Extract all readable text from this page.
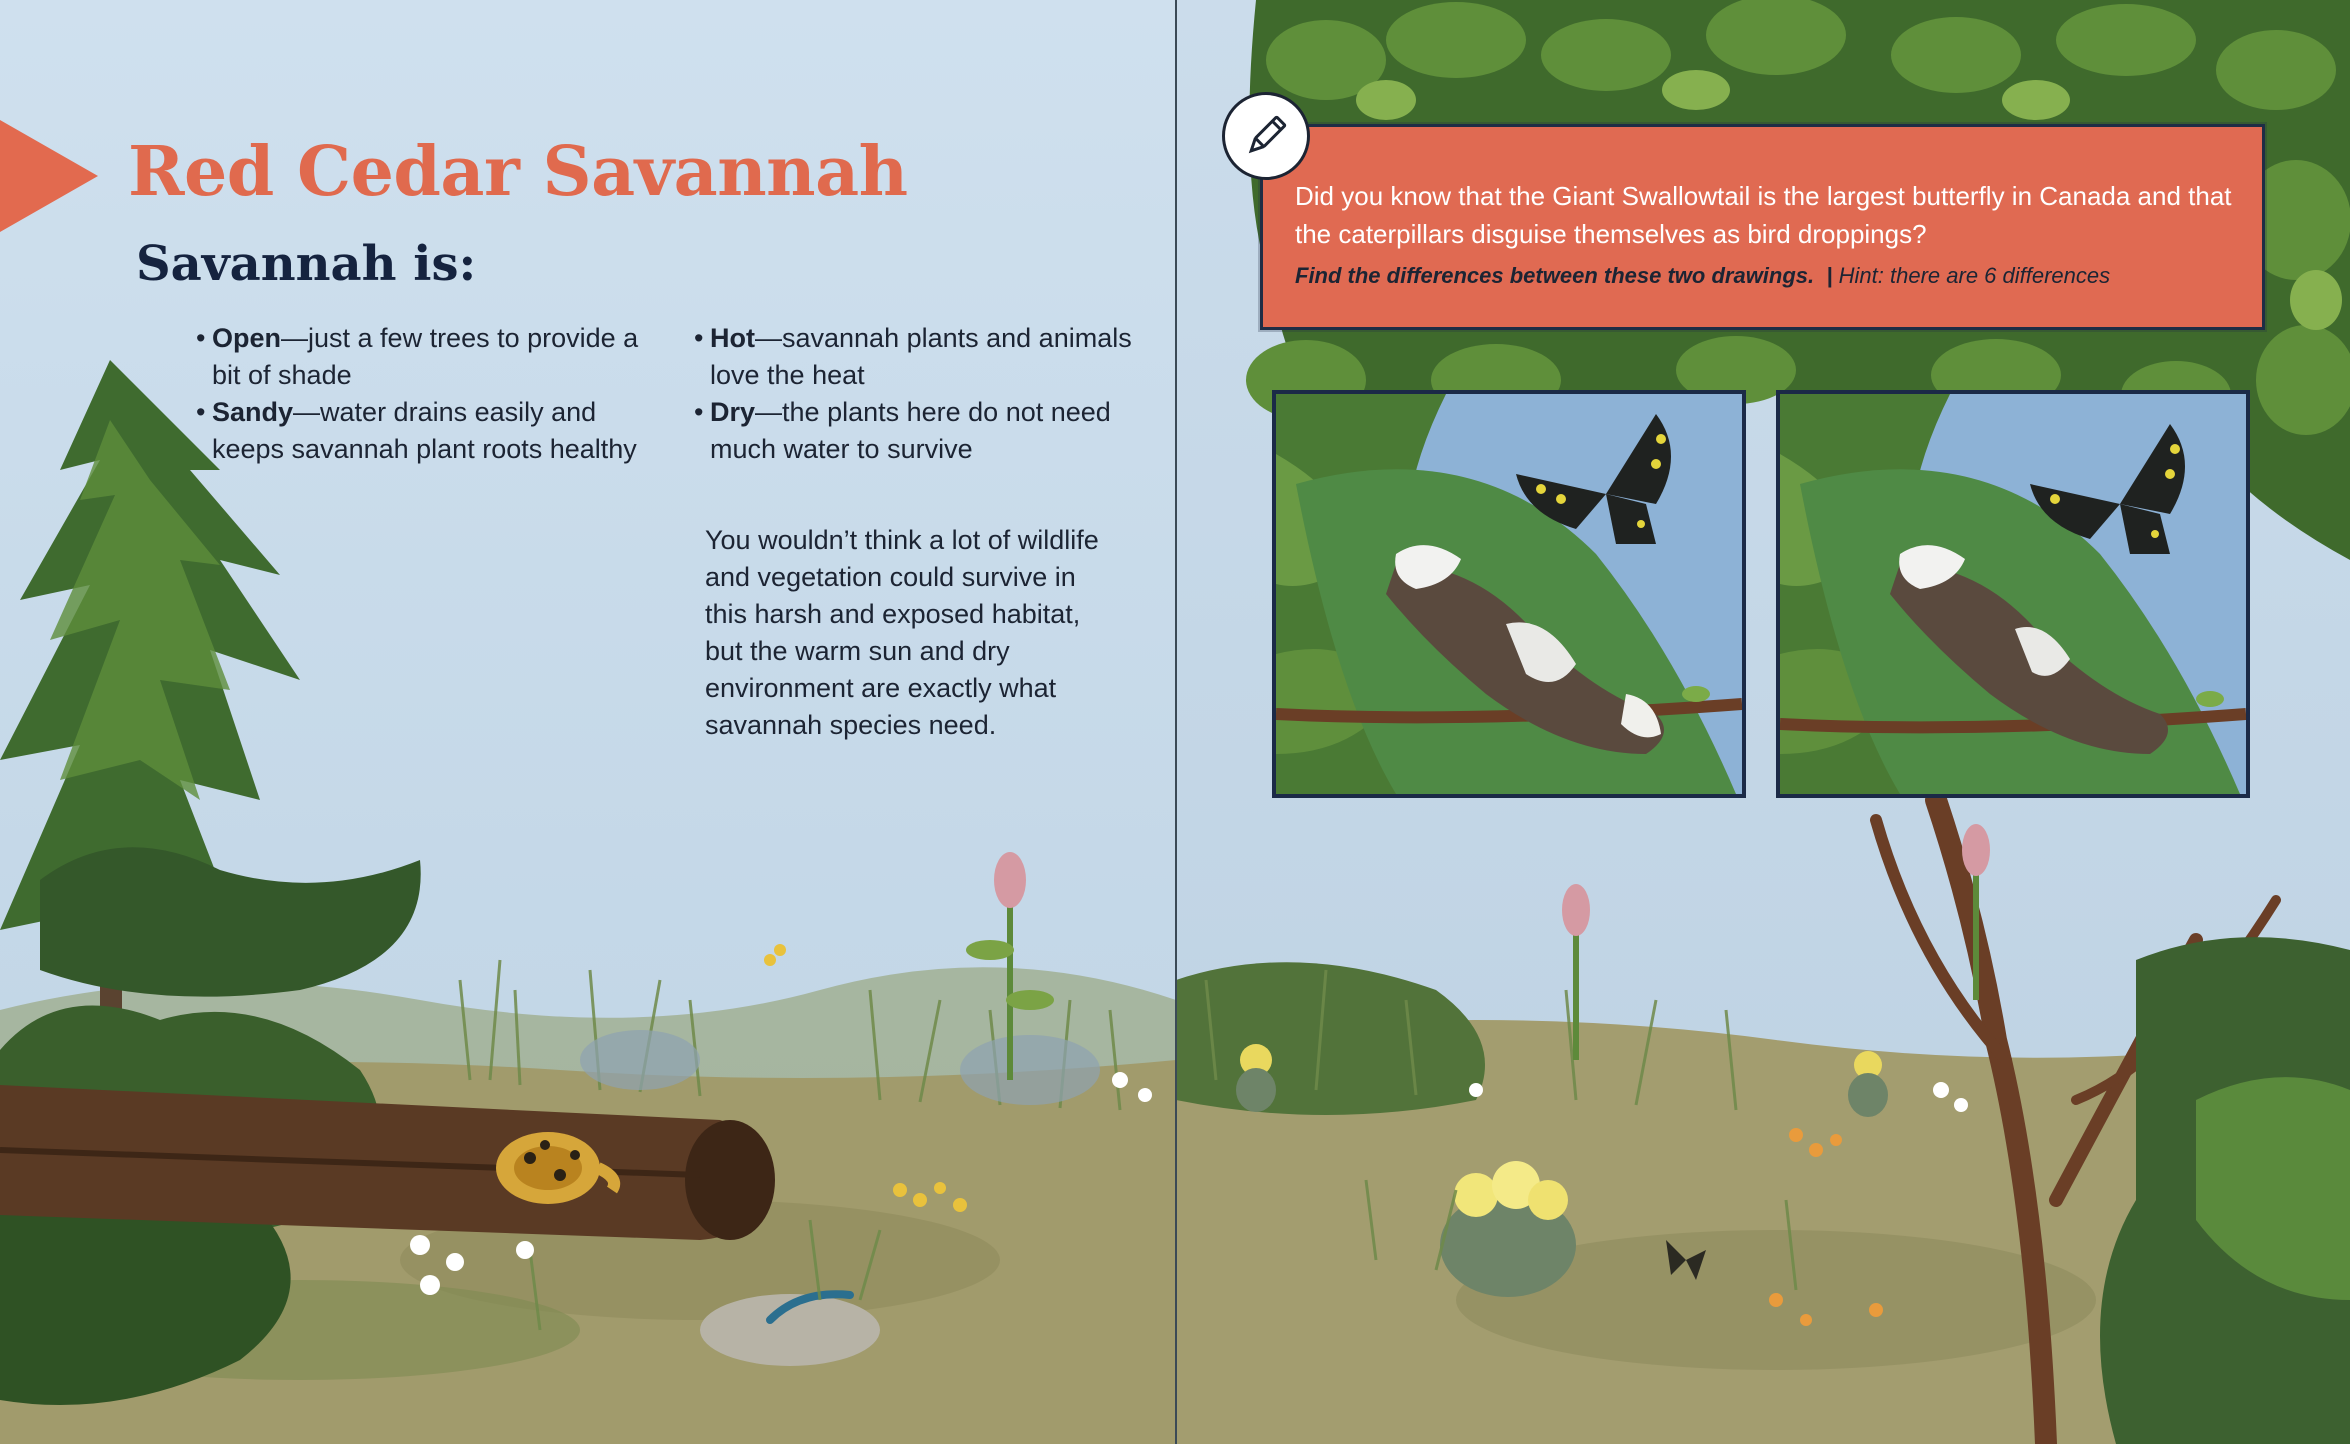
Red Cedar Savannah
Savannah is:
• Open—just a few trees to provide a bit of shade
• Sandy—water drains easily and keeps savannah plant roots healthy
• Hot—savannah plants and animals love the heat
• Dry—the plants here do not need much water to survive

You wouldn’t think a lot of wildlife and vegetation could survive in this harsh and exposed habitat, but the warm sun and dry environment are exactly what savannah species need.

Did you know that the Giant Swallowtail is the largest butterfly in Canada and that the caterpillars disguise themselves as bird droppings?

Find the differences between these two drawings. | Hint: there are 6 differences
